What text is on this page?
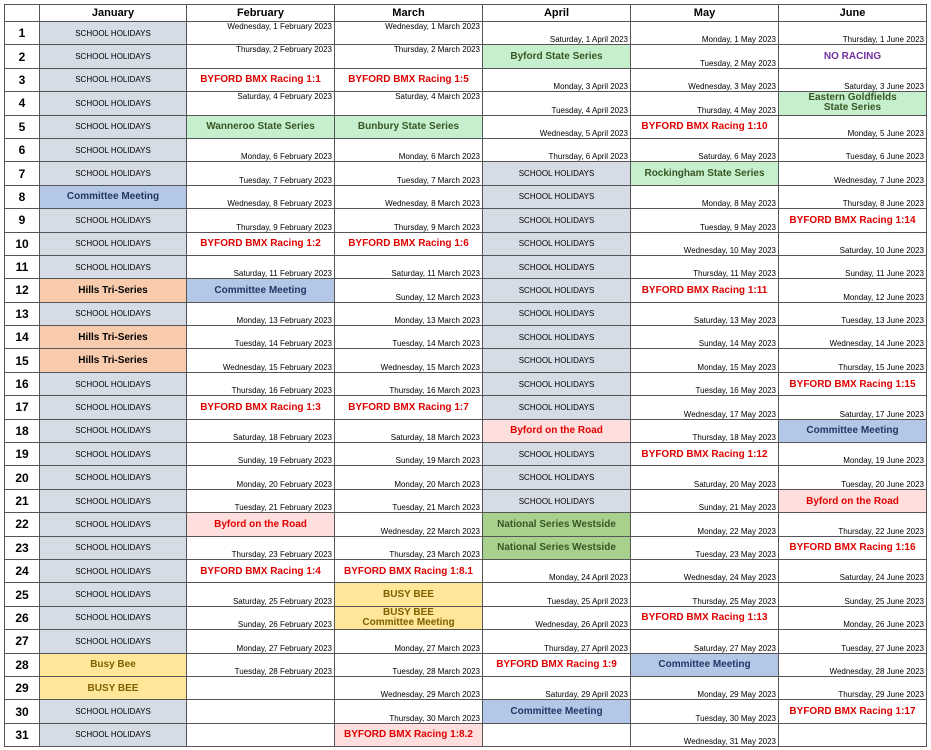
	January	February	March	April	May	June
1	SCHOOL HOLIDAYS	Wednesday, 1 February 2023	Wednesday, 1 March 2023	Saturday, 1 April 2023	Monday, 1 May 2023	Thursday, 1 June 2023
2	SCHOOL HOLIDAYS	Thursday, 2 February 2023	Thursday, 2 March 2023	Byford State Series	Tuesday, 2 May 2023	NO RACING
3	SCHOOL HOLIDAYS	BYFORD BMX Racing 1:1	BYFORD BMX Racing 1:5	Monday, 3 April 2023	Wednesday, 3 May 2023	Saturday, 3 June 2023
4	SCHOOL HOLIDAYS	Saturday, 4 February 2023	Saturday, 4 March 2023	Tuesday, 4 April 2023	Thursday, 4 May 2023	Eastern Goldfields
State Series
5	SCHOOL HOLIDAYS	Wanneroo State Series	Bunbury State Series	Wednesday, 5 April 2023	BYFORD BMX Racing 1:10	Monday, 5 June 2023
6	SCHOOL HOLIDAYS	Monday, 6 February 2023	Monday, 6 March 2023	Thursday, 6 April 2023	Saturday, 6 May 2023	Tuesday, 6 June 2023
7	SCHOOL HOLIDAYS	Tuesday, 7 February 2023	Tuesday, 7 March 2023	SCHOOL HOLIDAYS	Rockingham State Series	Wednesday, 7 June 2023
8	Committee Meeting	Wednesday, 8 February 2023	Wednesday, 8 March 2023	SCHOOL HOLIDAYS	Monday, 8 May 2023	Thursday, 8 June 2023
9	SCHOOL HOLIDAYS	Thursday, 9 February 2023	Thursday, 9 March 2023	SCHOOL HOLIDAYS	Tuesday, 9 May 2023	BYFORD BMX Racing 1:14
10	SCHOOL HOLIDAYS	BYFORD BMX Racing 1:2	BYFORD BMX Racing 1:6	SCHOOL HOLIDAYS	Wednesday, 10 May 2023	Saturday, 10 June 2023
11	SCHOOL HOLIDAYS	Saturday, 11 February 2023	Saturday, 11 March 2023	SCHOOL HOLIDAYS	Thursday, 11 May 2023	Sunday, 11 June 2023
12	Hills Tri-Series	Committee Meeting	Sunday, 12 March 2023	SCHOOL HOLIDAYS	BYFORD BMX Racing 1:11	Monday, 12 June 2023
13	SCHOOL HOLIDAYS	Monday, 13 February 2023	Monday, 13 March 2023	SCHOOL HOLIDAYS	Saturday, 13 May 2023	Tuesday, 13 June 2023
14	Hills Tri-Series	Tuesday, 14 February 2023	Tuesday, 14 March 2023	SCHOOL HOLIDAYS	Sunday, 14 May 2023	Wednesday, 14 June 2023
15	Hills Tri-Series	Wednesday, 15 February 2023	Wednesday, 15 March 2023	SCHOOL HOLIDAYS	Monday, 15 May 2023	Thursday, 15 June 2023
16	SCHOOL HOLIDAYS	Thursday, 16 February 2023	Thursday, 16 March 2023	SCHOOL HOLIDAYS	Tuesday, 16 May 2023	BYFORD BMX Racing 1:15
17	SCHOOL HOLIDAYS	BYFORD BMX Racing 1:3	BYFORD BMX Racing 1:7	SCHOOL HOLIDAYS	Wednesday, 17 May 2023	Saturday, 17 June 2023
18	SCHOOL HOLIDAYS	Saturday, 18 February 2023	Saturday, 18 March 2023	Byford on the Road	Thursday, 18 May 2023	Committee Meeting
19	SCHOOL HOLIDAYS	Sunday, 19 February 2023	Sunday, 19 March 2023	SCHOOL HOLIDAYS	BYFORD BMX Racing 1:12	Monday, 19 June 2023
20	SCHOOL HOLIDAYS	Monday, 20 February 2023	Monday, 20 March 2023	SCHOOL HOLIDAYS	Saturday, 20 May 2023	Tuesday, 20 June 2023
21	SCHOOL HOLIDAYS	Tuesday, 21 February 2023	Tuesday, 21 March 2023	SCHOOL HOLIDAYS	Sunday, 21 May 2023	Byford on the Road
22	SCHOOL HOLIDAYS	Byford on the Road	Wednesday, 22 March 2023	National Series Westside	Monday, 22 May 2023	Thursday, 22 June 2023
23	SCHOOL HOLIDAYS	Thursday, 23 February 2023	Thursday, 23 March 2023	National Series Westside	Tuesday, 23 May 2023	BYFORD BMX Racing 1:16
24	SCHOOL HOLIDAYS	BYFORD BMX Racing 1:4	BYFORD BMX Racing 1:8.1	Monday, 24 April 2023	Wednesday, 24 May 2023	Saturday, 24 June 2023
25	SCHOOL HOLIDAYS	Saturday, 25 February 2023	BUSY BEE	Tuesday, 25 April 2023	Thursday, 25 May 2023	Sunday, 25 June 2023
26	SCHOOL HOLIDAYS	Sunday, 26 February 2023	BUSY BEE
Committee Meeting	Wednesday, 26 April 2023	BYFORD BMX Racing 1:13	Monday, 26 June 2023
27	SCHOOL HOLIDAYS	Monday, 27 February 2023	Monday, 27 March 2023	Thursday, 27 April 2023	Saturday, 27 May 2023	Tuesday, 27 June 2023
28	Busy Bee	Tuesday, 28 February 2023	Tuesday, 28 March 2023	BYFORD BMX Racing 1:9	Committee Meeting	Wednesday, 28 June 2023
29	BUSY BEE		Wednesday, 29 March 2023	Saturday, 29 April 2023	Monday, 29 May 2023	Thursday, 29 June 2023
30	SCHOOL HOLIDAYS		Thursday, 30 March 2023	Committee Meeting	Tuesday, 30 May 2023	BYFORD BMX Racing 1:17
31	SCHOOL HOLIDAYS		BYFORD BMX Racing 1:8.2		Wednesday, 31 May 2023	
